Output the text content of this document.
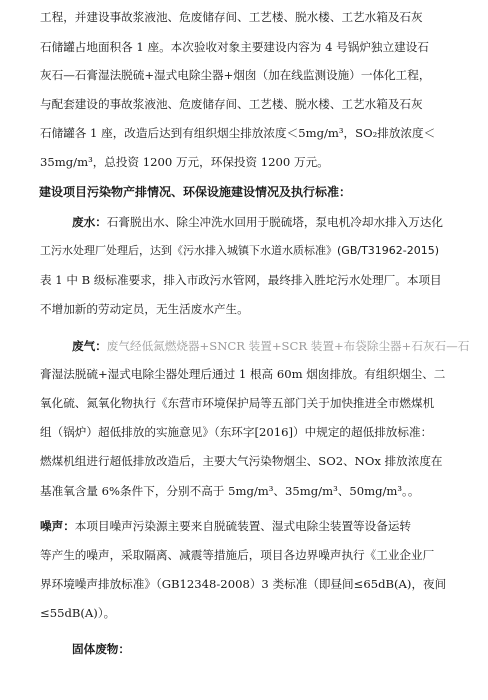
工程，并建设事故浆液池、危废储存间、工艺楼、脱水楼、工艺水箱及石灰
石储罐占地面积各 1 座。本次验收对象主要建设内容为 4 号锅炉独立建设石
灰石—石膏湿法脱硫+湿式电除尘器+烟囱（加在线监测设施）一体化工程，
与配套建设的事故浆液池、危废储存间、工艺楼、脱水楼、工艺水箱及石灰
石储罐各 1 座，改造后达到有组织烟尘排放浓度＜5mg/m³，SO₂排放浓度＜
35mg/m³，总投资 1200 万元，环保投资 1200 万元。
建设项目污染物产排情况、环保设施建设情况及执行标准：
废水：石膏脱出水、除尘冲洗水回用于脱硫塔，泵电机冷却水排入万达化
工污水处理厂处理后，达到《污水排入城镇下水道水质标准》(GB/T31962-2015)
表 1 中 B 级标准要求，排入市政污水管网，最终排入胜坨污水处理厂。本项目
不增加新的劳动定员，无生活废水产生。
废气：废气经低氮燃烧器+SNCR 装置+SCR 装置+布袋除尘器+石灰石—石
膏湿法脱硫+湿式电除尘器处理后通过 1 根高 60m 烟囱排放。有组织烟尘、二
氧化硫、氮氧化物执行《东营市环境保护局等五部门关于加快推进全市燃煤机
组（锅炉）超低排放的实施意见》（东环字[2016]）中规定的超低排放标准：
燃煤机组进行超低排放改造后，主要大气污染物烟尘、SO2、NOx 排放浓度在
基准氧含量 6%条件下，分别不高于 5mg/m³、35mg/m³、50mg/m³。。
噪声：本项目噪声污染源主要来自脱硫装置、湿式电除尘装置等设备运转
等产生的噪声，采取隔离、减震等措施后，项目各边界噪声执行《工业企业厂
界环境噪声排放标准》（GB12348-2008）3 类标准（即昼间≤65dB(A)，夜间
≤55dB(A)）。
固体废物：
